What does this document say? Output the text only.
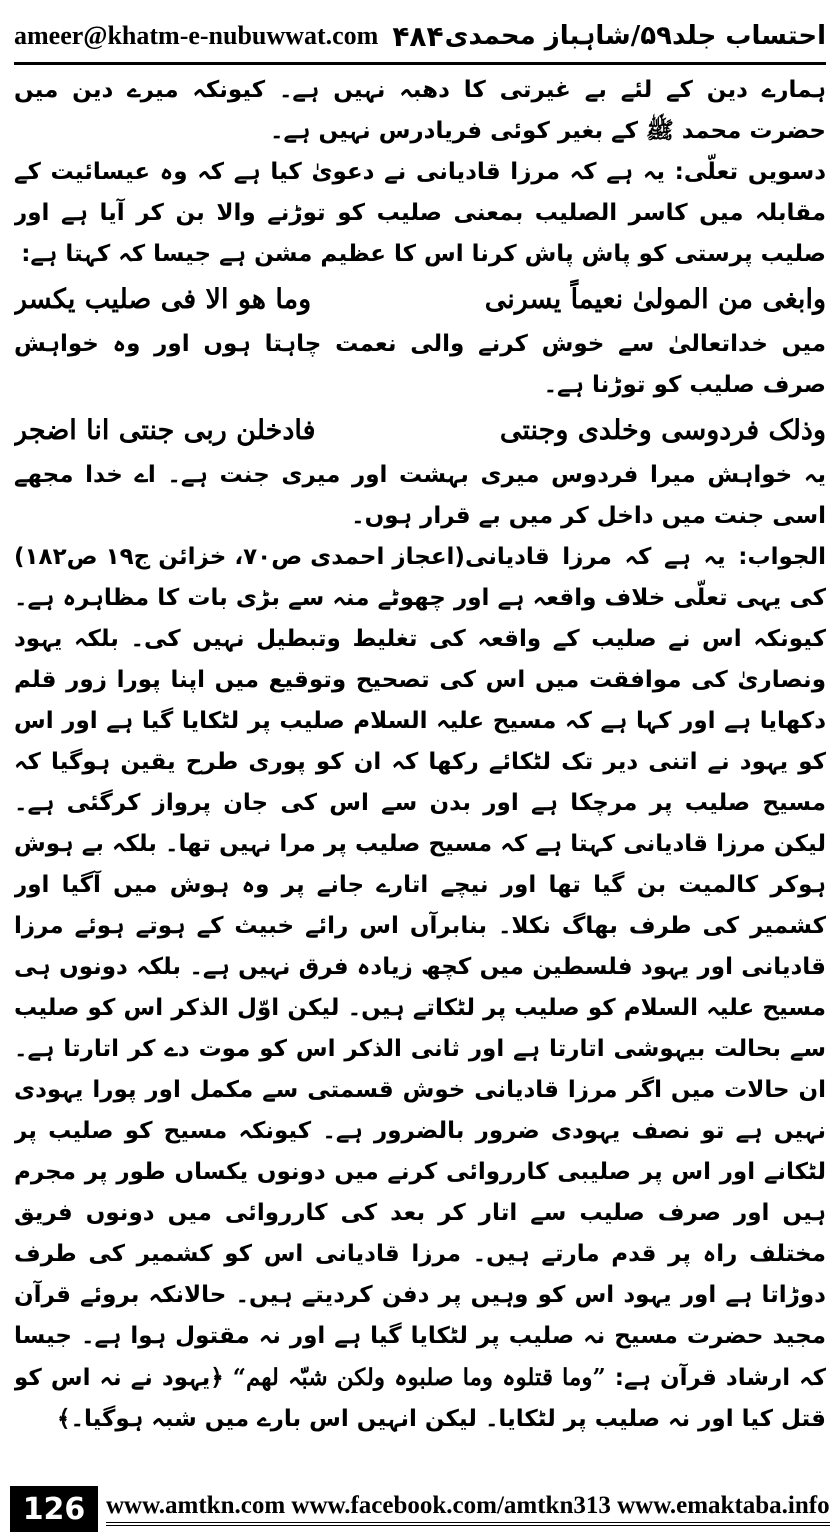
ameer@khatm-e-nubuwwat.com ۴۸۴ احتساب جلد۵۹/شاہباز محمدی

ہمارے دین کے لئے بے غیرتی کا دھبہ نہیں ہے۔ کیونکہ میرے دین میں حضرت محمد ﷺ کے بغیر کوئی فریادرس نہیں ہے۔

دسویں تعلّی: یہ ہے کہ مرزا قادیانی نے دعویٰ کیا ہے کہ وہ عیسائیت کے مقابلہ میں کاسر الصلیب بمعنی صلیب کو توڑنے والا بن کر آیا ہے اور صلیب پرستی کو پاش پاش کرنا اس کا عظیم مشن ہے جیسا کہ کہتا ہے:

وابغی من المولیٰ نعیماً یسرنی
وما ھو الا فی صلیب یکسر

میں خداتعالیٰ سے خوش کرنے والی نعمت چاہتا ہوں اور وہ خواہش صرف صلیب کو توڑنا ہے۔

وذلک فردوسی وخلدی وجنتی
فادخلن ربی جنتی انا اضجر

یہ خواہش میرا فردوس میری بہشت اور میری جنت ہے۔ اے خدا مجھے اسی جنت میں داخل کر میں بے قرار ہوں۔
(اعجاز احمدی ص۷۰، خزائن ج۱۹ ص۱۸۲)	الجواب: یہ ہے کہ مرزا قادیانی کی یہی تعلّی خلاف واقعہ ہے اور چھوٹے منہ سے بڑی بات کا مظاہرہ ہے۔ کیونکہ اس نے صلیب کے واقعہ کی تغلیط وتبطیل نہیں کی۔ بلکہ یہود ونصاریٰ کی موافقت میں اس کی تصحیح وتوقیع میں اپنا پورا زور قلم دکھایا ہے اور کہا ہے کہ مسیح علیہ السلام صلیب پر لٹکایا گیا ہے اور اس کو یہود نے اتنی دیر تک لٹکائے رکھا کہ ان کو پوری طرح یقین ہوگیا کہ مسیح صلیب پر مرچکا ہے اور بدن سے اس کی جان پرواز کرگئی ہے۔ لیکن مرزا قادیانی کہتا ہے کہ مسیح صلیب پر مرا نہیں تھا۔ بلکہ بے ہوش ہوکر کالمیت بن گیا تھا اور نیچے اتارے جانے پر وہ ہوش میں آگیا اور کشمیر کی طرف بھاگ نکلا۔ بنابرآں اس رائے خبیث کے ہوتے ہوئے مرزا قادیانی اور یہود فلسطین میں کچھ زیادہ فرق نہیں ہے۔ بلکہ دونوں ہی مسیح علیہ السلام کو صلیب پر لٹکاتے ہیں۔ لیکن اوّل الذکر اس کو صلیب سے بحالت بیہوشی اتارتا ہے اور ثانی الذکر اس کو موت دے کر اتارتا ہے۔ ان حالات میں اگر مرزا قادیانی خوش قسمتی سے مکمل اور پورا یہودی نہیں ہے تو نصف یہودی ضرور بالضرور ہے۔ کیونکہ مسیح کو صلیب پر لٹکانے اور اس پر صلیبی کارروائی کرنے میں دونوں یکساں طور پر مجرم ہیں اور صرف صلیب سے اتار کر بعد کی کارروائی میں دونوں فریق مختلف راہ پر قدم مارتے ہیں۔ مرزا قادیانی اس کو کشمیر کی طرف دوڑاتا ہے اور یہود اس کو وہیں پر دفن کردیتے ہیں۔ حالانکہ بروئے قرآن مجید حضرت مسیح نہ صلیب پر لٹکایا گیا ہے اور نہ مقتول ہوا ہے۔ جیسا کہ ارشاد قرآن ہے: ”وما قتلوہ وما صلبوہ ولکن شبّہ لھم“ ﴿یہود نے نہ اس کو قتل کیا اور نہ صلیب پر لٹکایا۔ لیکن انہیں اس بارے میں شبہ ہوگیا۔﴾

126 www.amtkn.com www.facebook.com/amtkn313 www.emaktaba.info
